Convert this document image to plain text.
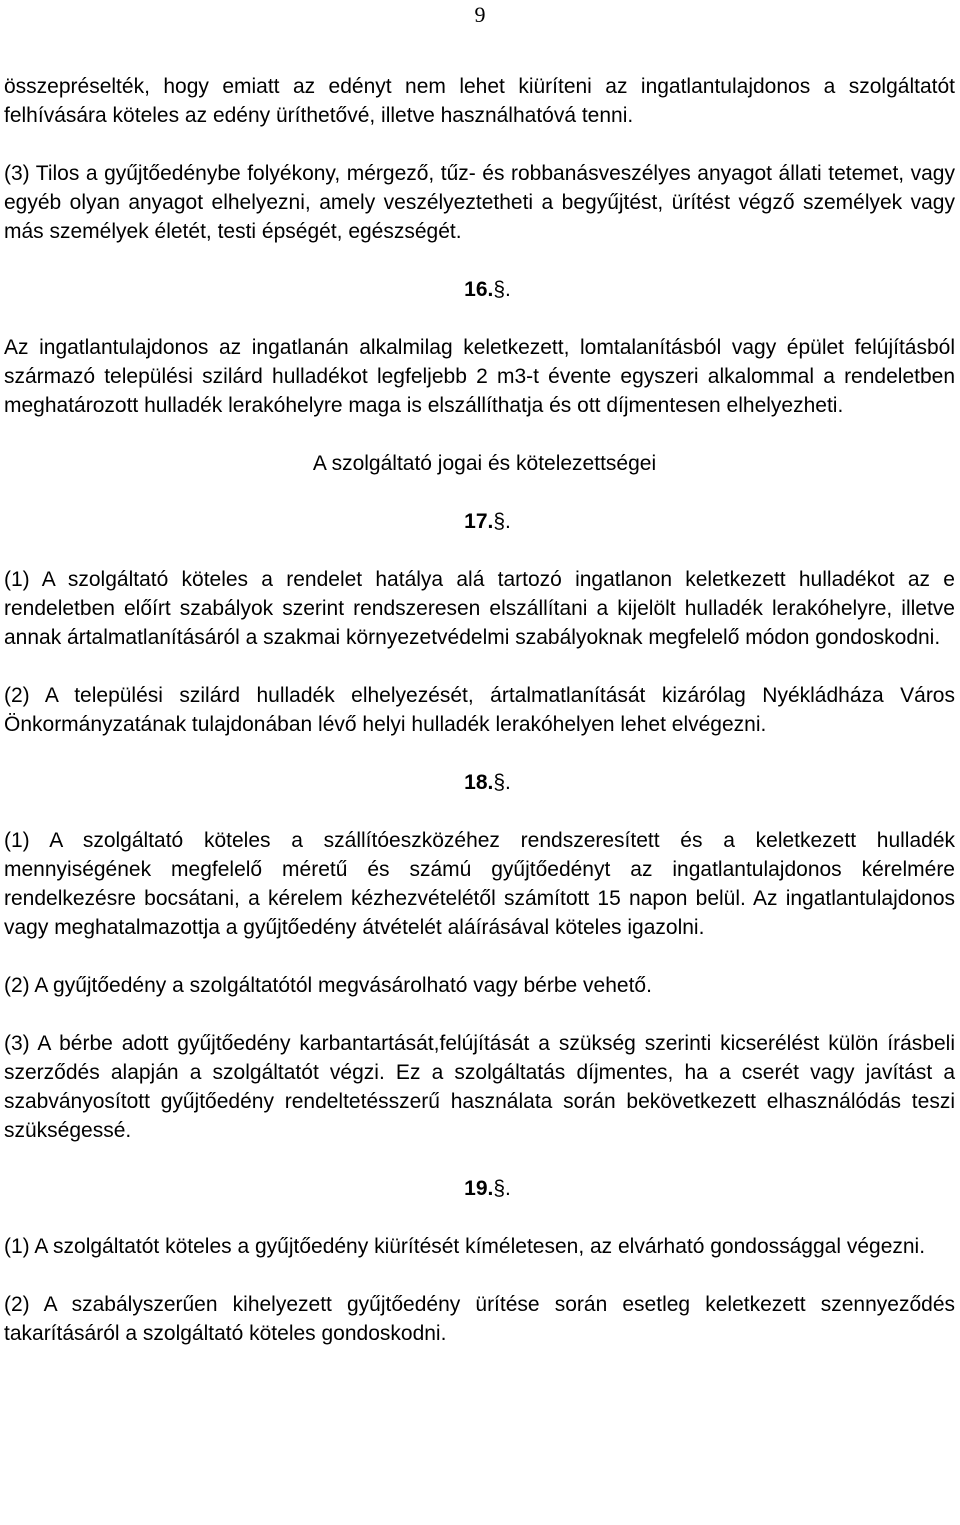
9

összepréselték, hogy emiatt az edényt nem lehet kiüríteni az ingatlantulajdonos a szolgáltatót felhívására köteles az edény üríthetővé, illetve használhatóvá tenni.

(3) Tilos a gyűjtőedénybe folyékony, mérgező, tűz- és robbanásveszélyes anyagot állati tetemet, vagy egyéb olyan anyagot elhelyezni, amely veszélyeztetheti a begyűjtést, ürítést végző személyek vagy más személyek életét, testi épségét, egészségét.

16.§.

Az ingatlantulajdonos az ingatlanán alkalmilag keletkezett, lomtalanításból vagy épület felújításból származó települési szilárd hulladékot legfeljebb 2 m3-t évente egyszeri alkalommal a rendeletben meghatározott hulladék lerakóhelyre maga is elszállíthatja és ott díjmentesen elhelyezheti.

A szolgáltató jogai és kötelezettségei

17.§.

(1) A szolgáltató köteles a rendelet hatálya alá tartozó ingatlanon keletkezett hulladékot az e rendeletben előírt szabályok szerint rendszeresen elszállítani a kijelölt hulladék lerakóhelyre, illetve annak ártalmatlanításáról a szakmai környezetvédelmi szabályoknak megfelelő módon gondoskodni.

(2) A települési szilárd hulladék elhelyezését, ártalmatlanítását kizárólag Nyékládháza Város Önkormányzatának tulajdonában lévő helyi hulladék lerakóhelyen lehet elvégezni.

18.§.

(1) A szolgáltató köteles a szállítóeszközéhez rendszeresített és a keletkezett hulladék mennyiségének megfelelő méretű és számú gyűjtőedényt az ingatlantulajdonos kérelmére rendelkezésre bocsátani, a kérelem kézhezvételétől számított 15 napon belül. Az ingatlantulajdonos vagy meghatalmazottja a gyűjtőedény átvételét aláírásával köteles igazolni.

(2) A gyűjtőedény a szolgáltatótól megvásárolható vagy bérbe vehető.

(3) A bérbe adott gyűjtőedény karbantartását,felújítását a szükség szerinti kicserélést külön írásbeli szerződés alapján a szolgáltatót végzi. Ez a szolgáltatás díjmentes, ha a cserét vagy javítást a szabványosított gyűjtőedény rendeltetésszerű használata során bekövetkezett elhasználódás teszi szükségessé.

19.§.

(1) A szolgáltatót köteles a gyűjtőedény kiürítését kíméletesen, az elvárható gondossággal végezni.

(2) A szabályszerűen kihelyezett gyűjtőedény ürítése során esetleg keletkezett szennyeződés takarításáról a szolgáltató köteles gondoskodni.
